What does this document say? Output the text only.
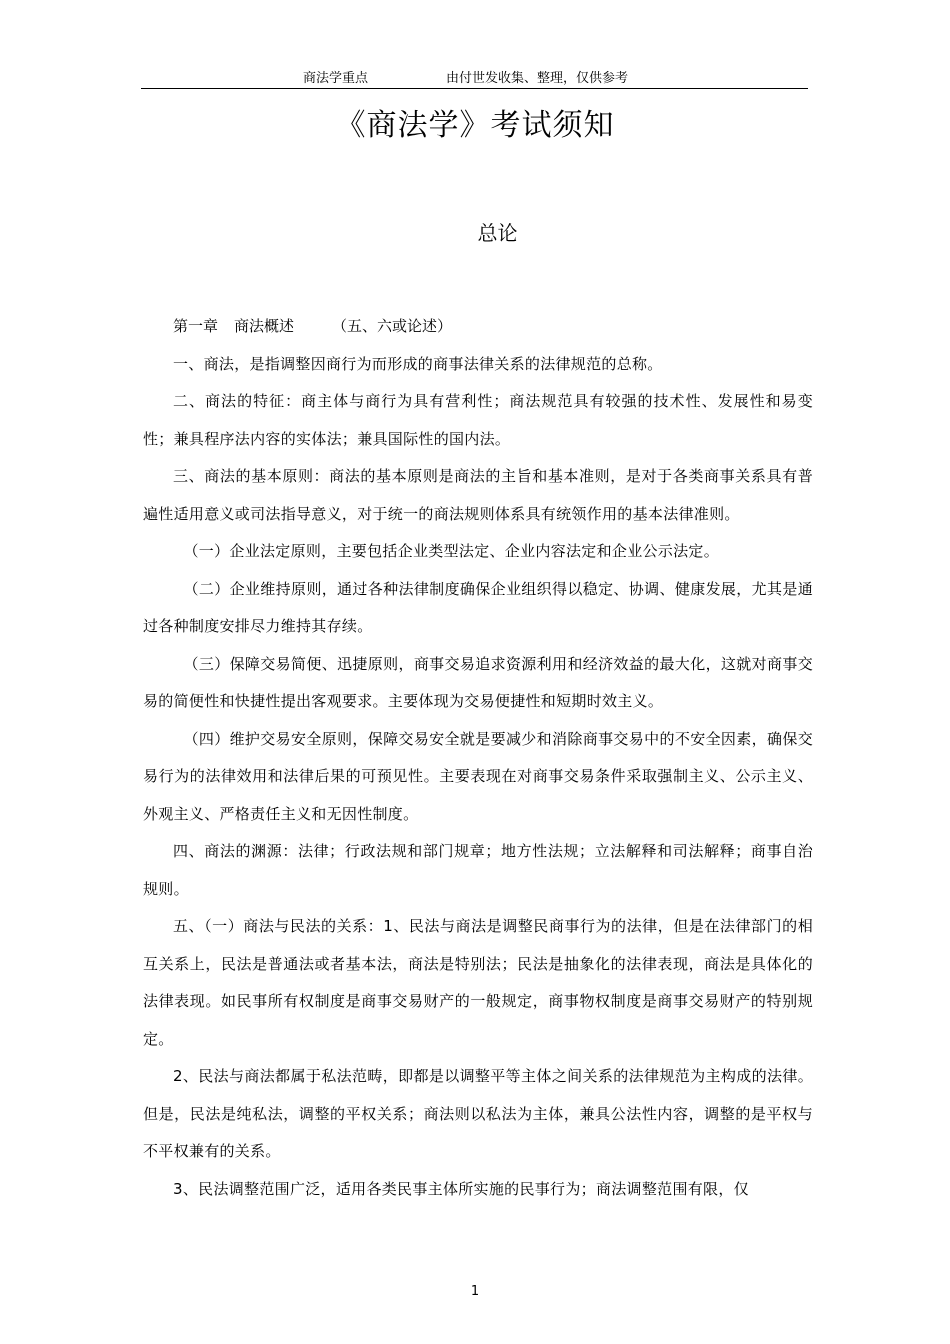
商法学重点	由付世发收集、整理，仅供参考
《商法学》考试须知
总论

第一章 商法概述	（五、六或论述）

一、商法，是指调整因商行为而形成的商事法律关系的法律规范的总称。

二、商法的特征：商主体与商行为具有营利性；商法规范具有较强的技术性、发展性和易变性；兼具程序法内容的实体法；兼具国际性的国内法。

三、商法的基本原则：商法的基本原则是商法的主旨和基本准则，是对于各类商事关系具有普遍性适用意义或司法指导意义，对于统一的商法规则体系具有统领作用的基本法律准则。

（一）企业法定原则，主要包括企业类型法定、企业内容法定和企业公示法定。

（二）企业维持原则，通过各种法律制度确保企业组织得以稳定、协调、健康发展，尤其是通过各种制度安排尽力维持其存续。

（三）保障交易简便、迅捷原则，商事交易追求资源利用和经济效益的最大化，这就对商事交易的简便性和快捷性提出客观要求。主要体现为交易便捷性和短期时效主义。

（四）维护交易安全原则，保障交易安全就是要减少和消除商事交易中的不安全因素，确保交易行为的法律效用和法律后果的可预见性。主要表现在对商事交易条件采取强制主义、公示主义、外观主义、严格责任主义和无因性制度。

四、商法的渊源：法律；行政法规和部门规章；地方性法规；立法解释和司法解释；商事自治规则。

五、（一）商法与民法的关系：1、民法与商法是调整民商事行为的法律，但是在法律部门的相互关系上，民法是普通法或者基本法，商法是特别法；民法是抽象化的法律表现，商法是具体化的法律表现。如民事所有权制度是商事交易财产的一般规定，商事物权制度是商事交易财产的特别规定。

2、民法与商法都属于私法范畴，即都是以调整平等主体之间关系的法律规范为主构成的法律。但是，民法是纯私法，调整的平权关系；商法则以私法为主体，兼具公法性内容，调整的是平权与不平权兼有的关系。

3、民法调整范围广泛，适用各类民事主体所实施的民事行为；商法调整范围有限，仅

1
